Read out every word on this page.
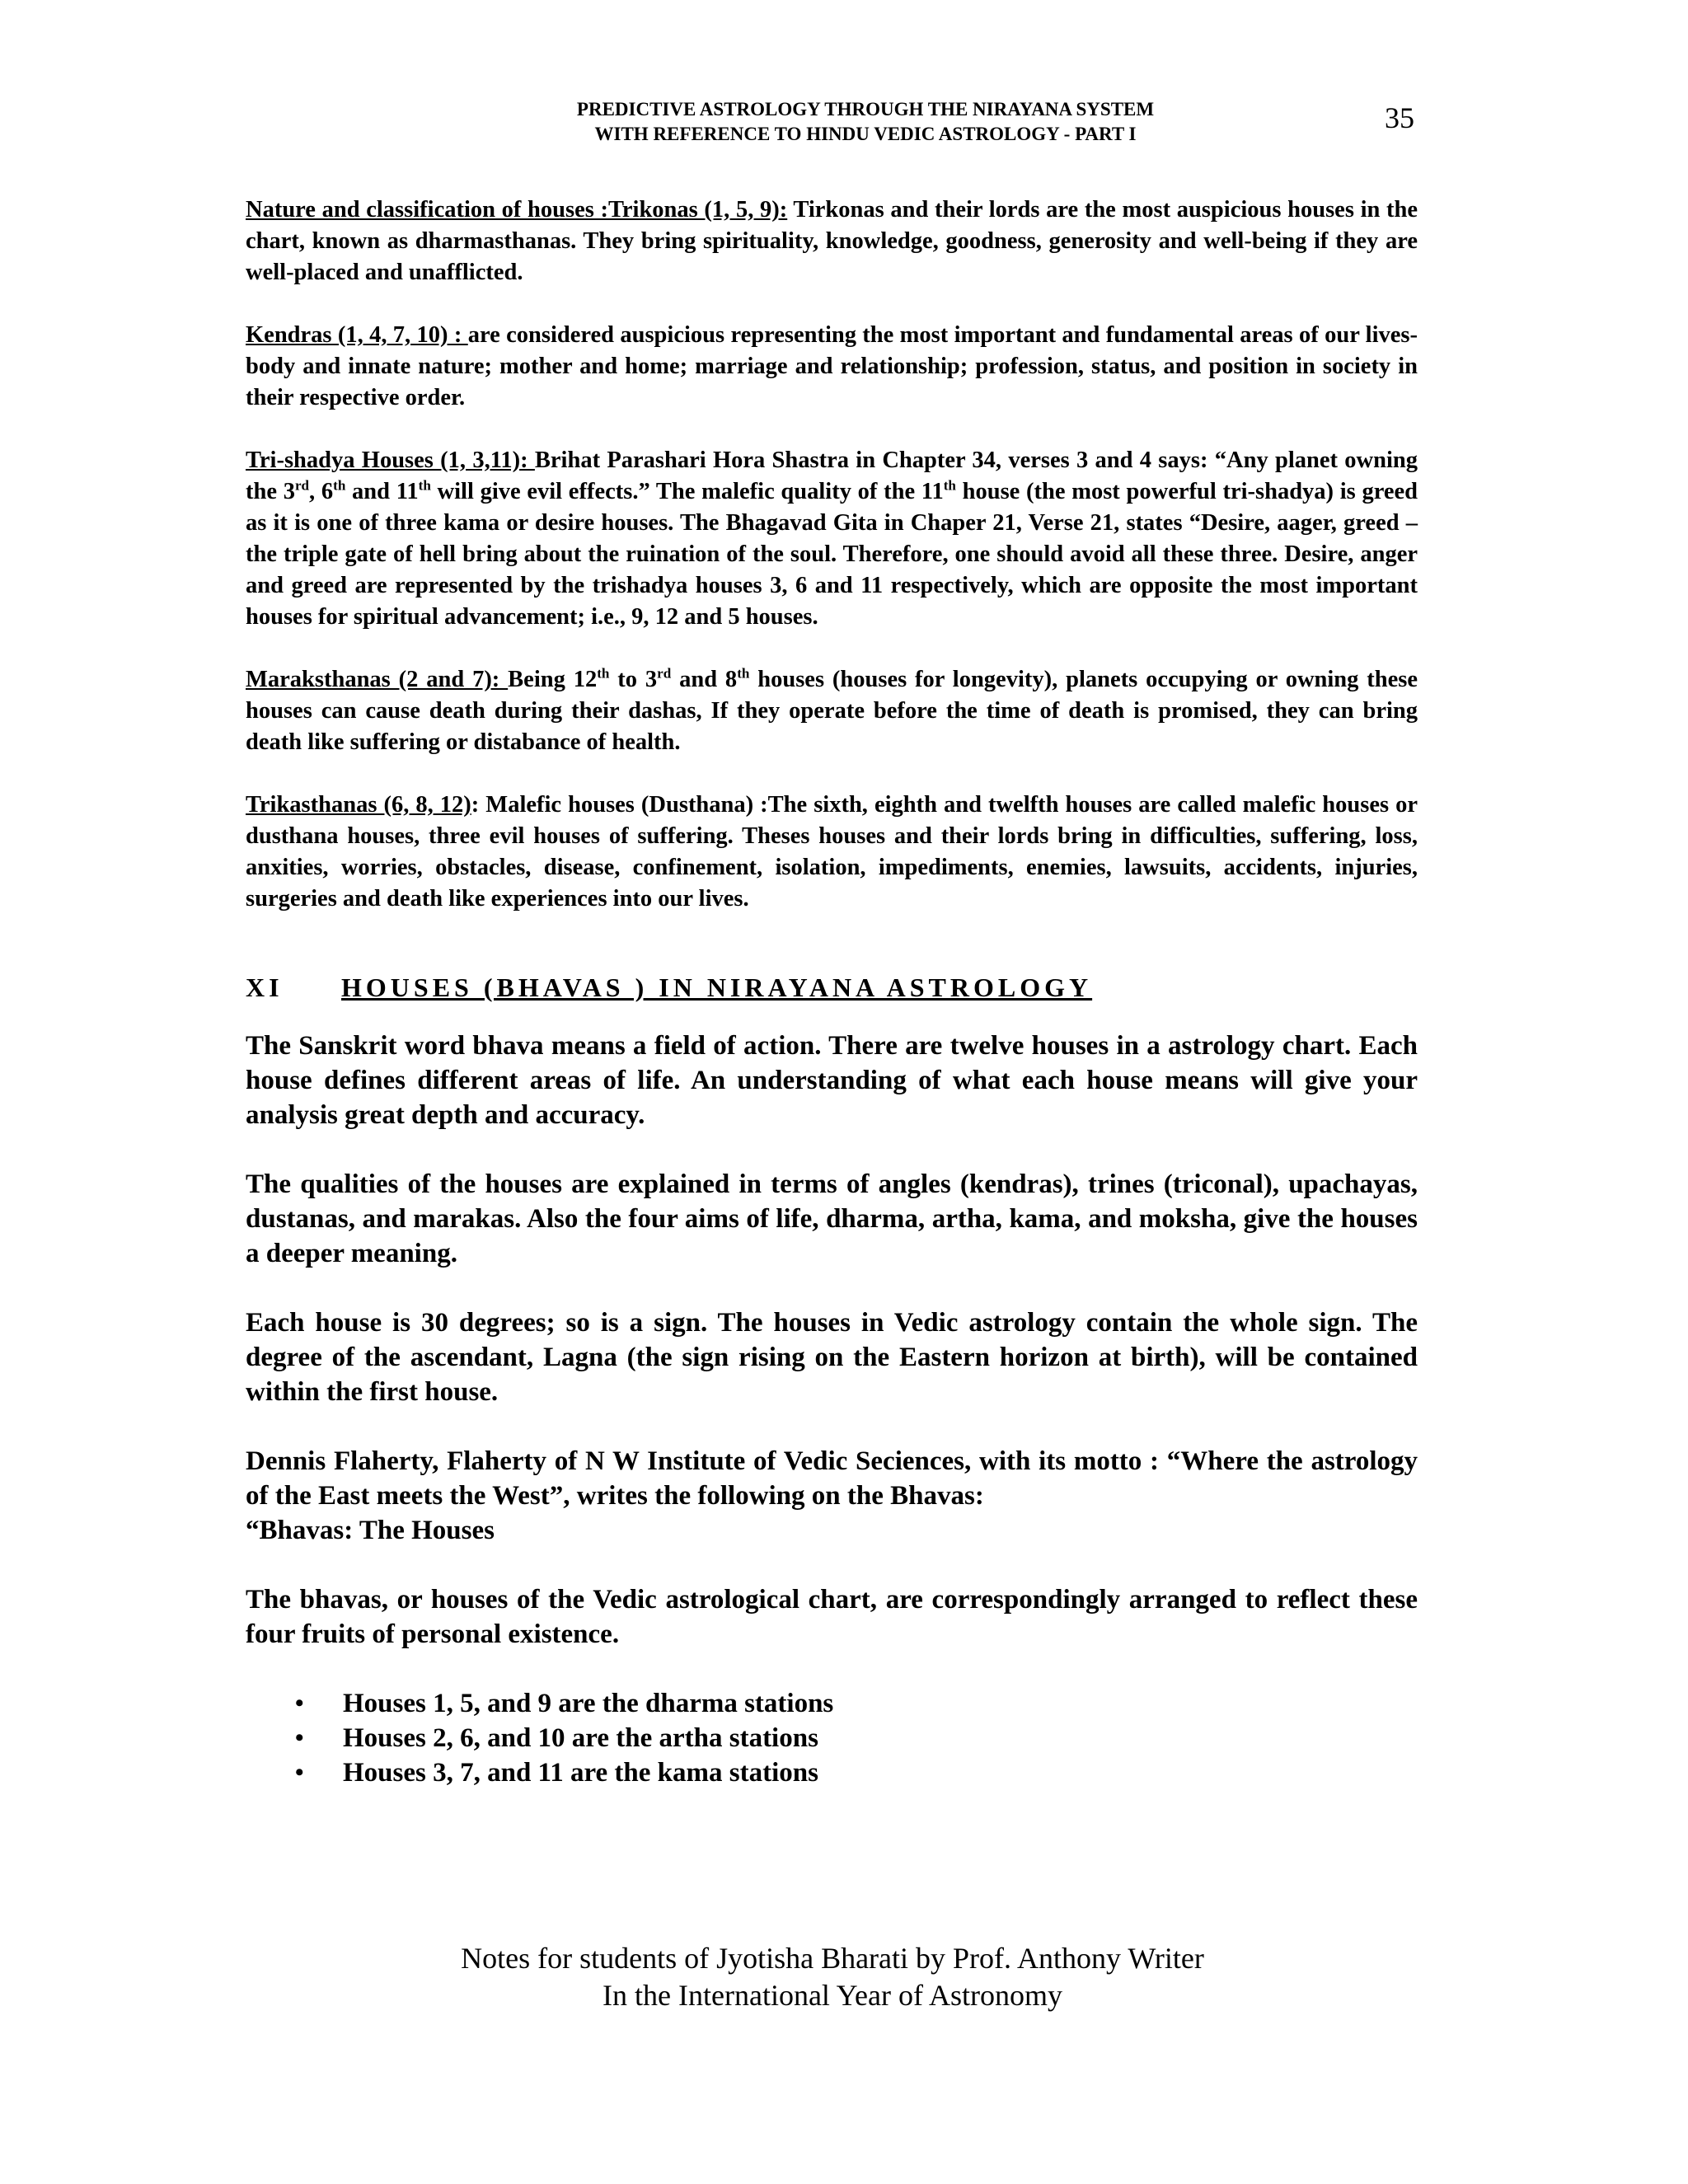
PREDICTIVE ASTROLOGY THROUGH THE NIRAYANA SYSTEM
WITH REFERENCE TO HINDU VEDIC ASTROLOGY - PART I	35

Nature and classification of houses :Trikonas (1, 5, 9): Tirkonas and their lords are the most auspicious houses in the chart, known as dharmasthanas. They bring spirituality, knowledge, goodness, generosity and well-being if they are well-placed and unafflicted.

Kendras (1, 4, 7, 10) : are considered auspicious representing the most important and fundamental areas of our lives- body and innate nature; mother and home; marriage and relationship; profession, status, and position in society in their respective order.

Tri-shadya Houses (1, 3,11): Brihat Parashari Hora Shastra in Chapter 34, verses 3 and 4 says: “Any planet owning the 3rd, 6th and 11th will give evil effects.” The malefic quality of the 11th house (the most powerful tri-shadya) is greed as it is one of three kama or desire houses. The Bhagavad Gita in Chaper 21, Verse 21, states “Desire, aager, greed – the triple gate of hell bring about the ruination of the soul. Therefore, one should avoid all these three. Desire, anger and greed are represented by the trishadya houses 3, 6 and 11 respectively, which are opposite the most important houses for spiritual advancement; i.e., 9, 12 and 5 houses.

Maraksthanas (2 and 7): Being 12th to 3rd and 8th houses (houses for longevity), planets occupying or owning these houses can cause death during their dashas, If they operate before the time of death is promised, they can bring death like suffering or distabance of health.

Trikasthanas (6, 8, 12): Malefic houses (Dusthana) :The sixth, eighth and twelfth houses are called malefic houses or dusthana houses, three evil houses of suffering. Theses houses and their lords bring in difficulties, suffering, loss, anxities, worries, obstacles, disease, confinement, isolation, impediments, enemies, lawsuits, accidents, injuries, surgeries and death like experiences into our lives.

XI	HOUSES (BHAVAS ) IN NIRAYANA ASTROLOGY

The Sanskrit word bhava means a field of action. There are twelve houses in a astrology chart. Each house defines different areas of life. An understanding of what each house means will give your analysis great depth and accuracy.

The qualities of the houses are explained in terms of angles (kendras), trines (triconal), upachayas, dustanas, and marakas. Also the four aims of life, dharma, artha, kama, and moksha, give the houses a deeper meaning.

Each house is 30 degrees; so is a sign. The houses in Vedic astrology contain the whole sign. The degree of the ascendant, Lagna (the sign rising on the Eastern horizon at birth), will be contained within the first house.

Dennis Flaherty, Flaherty of N W Institute of Vedic Seciences, with its motto : “Where the astrology of the East meets the West”, writes the following on the Bhavas:
“Bhavas: The Houses

The bhavas, or houses of the Vedic astrological chart, are correspondingly arranged to reflect these four fruits of personal existence.

• Houses 1, 5, and 9 are the dharma stations
• Houses 2, 6, and 10 are the artha stations
• Houses 3, 7, and 11 are the kama stations
Notes for students of Jyotisha Bharati by Prof. Anthony Writer
In the International Year of Astronomy
